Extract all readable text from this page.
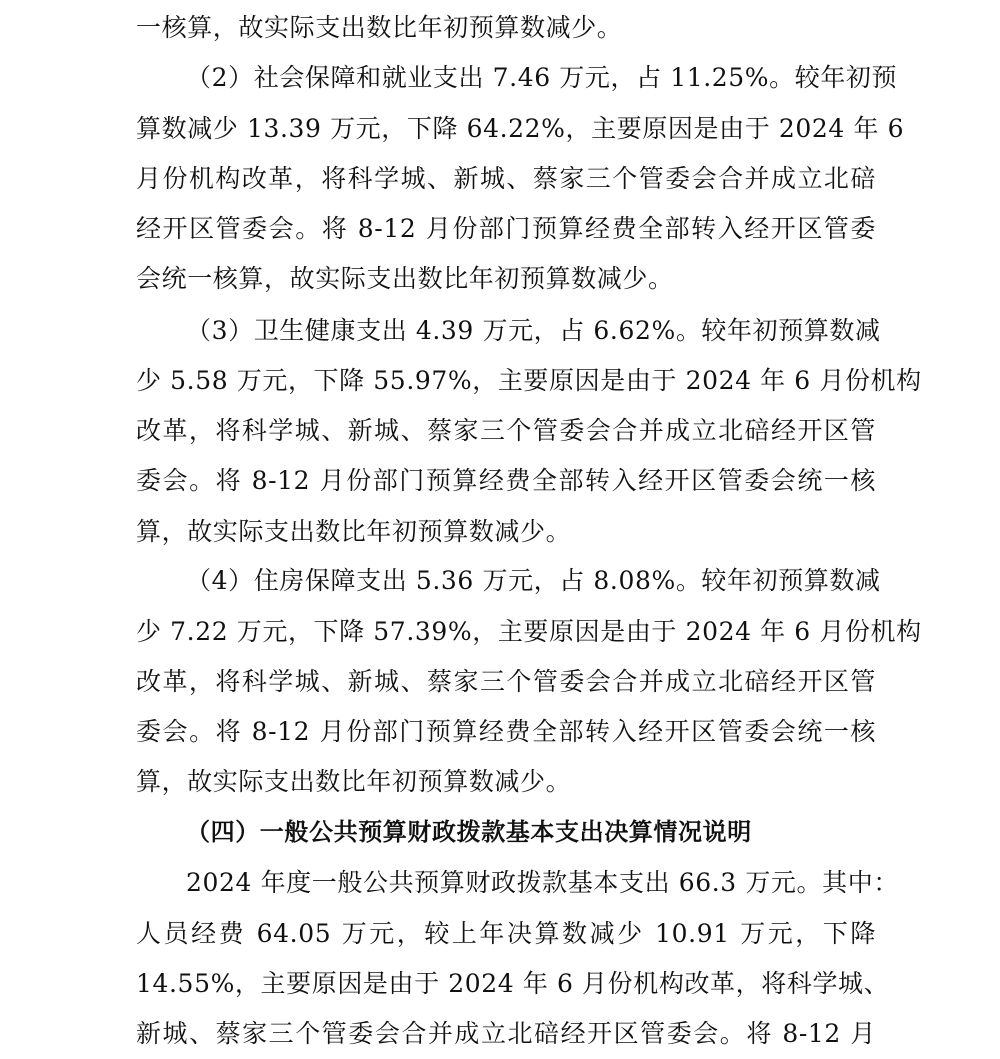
一核算，故实际支出数比年初预算数减少。
（2）社会保障和就业支出 7.46 万元，占 11.25%。较年初预
算数减少 13.39 万元，下降 64.22%，主要原因是由于 2024 年 6
月份机构改革，将科学城、新城、蔡家三个管委会合并成立北碚
经开区管委会。将 8-12 月份部门预算经费全部转入经开区管委
会统一核算，故实际支出数比年初预算数减少。
（3）卫生健康支出 4.39 万元，占 6.62%。较年初预算数减
少 5.58 万元，下降 55.97%，主要原因是由于 2024 年 6 月份机构
改革，将科学城、新城、蔡家三个管委会合并成立北碚经开区管
委会。将 8-12 月份部门预算经费全部转入经开区管委会统一核
算，故实际支出数比年初预算数减少。
（4）住房保障支出 5.36 万元，占 8.08%。较年初预算数减
少 7.22 万元，下降 57.39%，主要原因是由于 2024 年 6 月份机构
改革，将科学城、新城、蔡家三个管委会合并成立北碚经开区管
委会。将 8-12 月份部门预算经费全部转入经开区管委会统一核
算，故实际支出数比年初预算数减少。
（四）一般公共预算财政拨款基本支出决算情况说明
2024 年度一般公共预算财政拨款基本支出 66.3 万元。其中：
人员经费 64.05 万元，较上年决算数减少 10.91 万元，下降
14.55%，主要原因是由于 2024 年 6 月份机构改革，将科学城、
新城、蔡家三个管委会合并成立北碚经开区管委会。将 8-12 月
